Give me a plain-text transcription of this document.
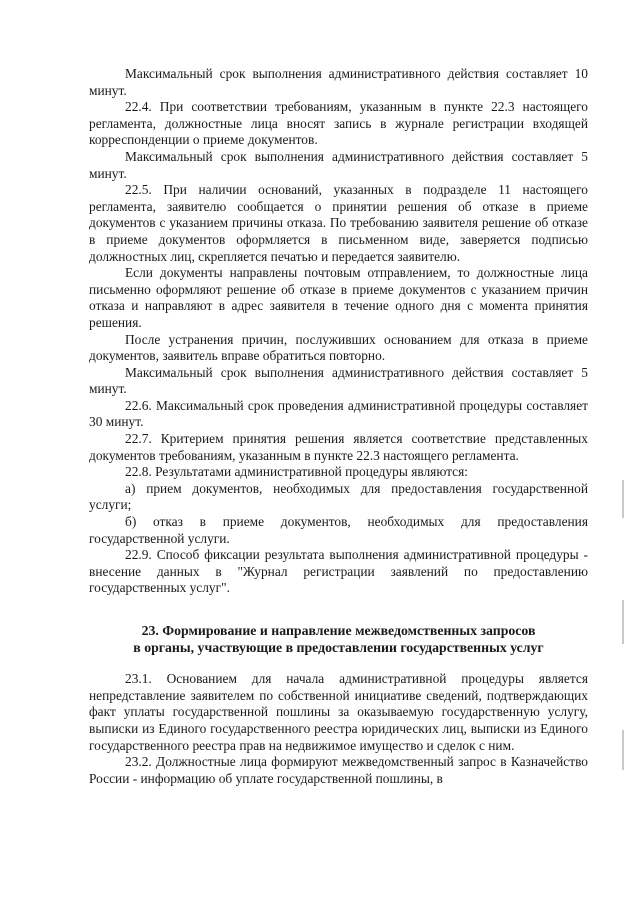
Максимальный срок выполнения административного действия составляет 10 минут.

22.4. При соответствии требованиям, указанным в пункте 22.3 настоящего регламента, должностные лица вносят запись в журнале регистрации входящей корреспонденции о приеме документов.

Максимальный срок выполнения административного действия составляет 5 минут.

22.5. При наличии оснований, указанных в подразделе 11 настоящего регламента, заявителю сообщается о принятии решения об отказе в приеме документов с указанием причины отказа. По требованию заявителя решение об отказе в приеме документов оформляется в письменном виде, заверяется подписью должностных лиц, скрепляется печатью и передается заявителю.

Если документы направлены почтовым отправлением, то должностные лица письменно оформляют решение об отказе в приеме документов с указанием причин отказа и направляют в адрес заявителя в течение одного дня с момента принятия решения.

После устранения причин, послуживших основанием для отказа в приеме документов, заявитель вправе обратиться повторно.

Максимальный срок выполнения административного действия составляет 5 минут.

22.6. Максимальный срок проведения административной процедуры составляет 30 минут.

22.7. Критерием принятия решения является соответствие представленных документов требованиям, указанным в пункте 22.3 настоящего регламента.

22.8. Результатами административной процедуры являются:

а) прием документов, необходимых для предоставления государственной услуги;

б) отказ в приеме документов, необходимых для предоставления государственной услуги.

22.9. Способ фиксации результата выполнения административной процедуры - внесение данных в "Журнал регистрации заявлений по предоставлению государственных услуг".

23. Формирование и направление межведомственных запросов
в органы, участвующие в предоставлении государственных услуг

23.1. Основанием для начала административной процедуры является непредставление заявителем по собственной инициативе сведений, подтверждающих факт уплаты государственной пошлины за оказываемую государственную услугу, выписки из Единого государственного реестра юридических лиц, выписки из Единого государственного реестра прав на недвижимое имущество и сделок с ним.

23.2. Должностные лица формируют межведомственный запрос в Казначейство России - информацию об уплате государственной пошлины, в
